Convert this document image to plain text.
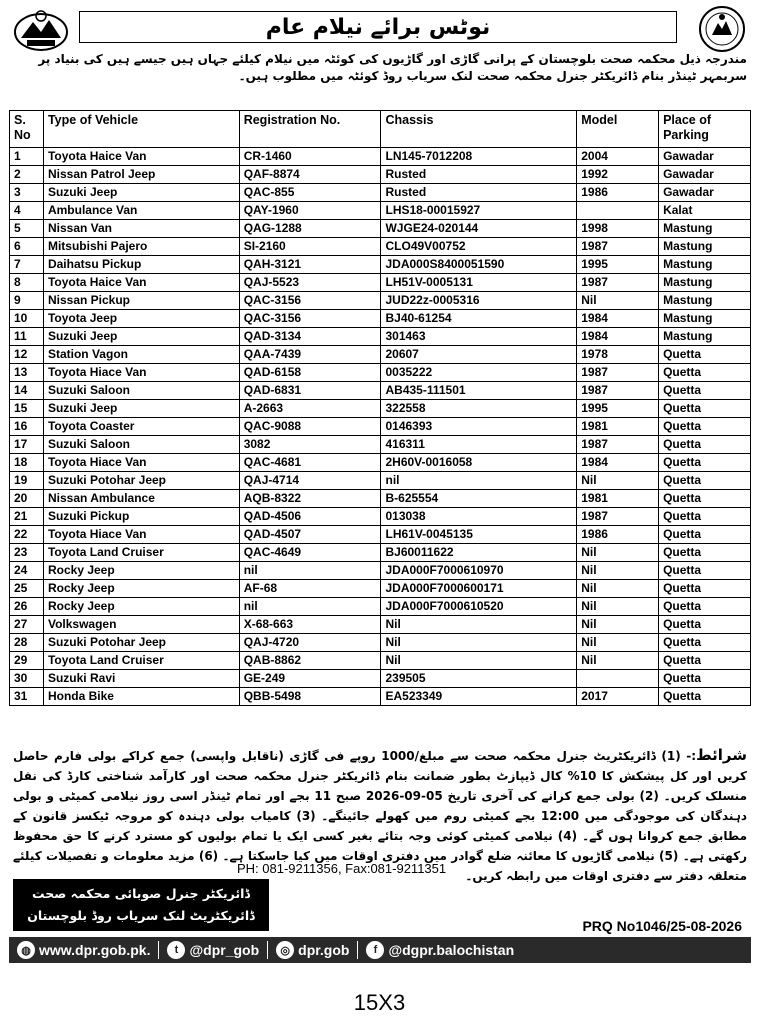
نوٹس برائے نیلام عام
مندرجہ ذیل محکمہ صحت بلوچستان کے پرانی گاڑی اور گاڑیوں کی کوئٹہ میں نیلام کیلئے جہاں ہیں جیسے ہیں کی بنیاد پر سربمہر ٹینڈر بنام ڈائریکٹر جنرل محکمہ صحت لنک سریاب روڈ کوئٹہ میں مطلوب ہیں۔
S. No	Type of Vehicle	Registration No.	Chassis	Model	Place of Parking
1	Toyota Haice Van	CR-1460	LN145-7012208	2004	Gawadar
2	Nissan Patrol Jeep	QAF-8874	Rusted	1992	Gawadar
3	Suzuki Jeep	QAC-855	Rusted	1986	Gawadar
4	Ambulance Van	QAY-1960	LHS18-00015927		Kalat
5	Nissan Van	QAG-1288	WJGE24-020144	1998	Mastung
6	Mitsubishi Pajero	SI-2160	CLO49V00752	1987	Mastung
7	Daihatsu Pickup	QAH-3121	JDA000S8400051590	1995	Mastung
8	Toyota Haice Van	QAJ-5523	LH51V-0005131	1987	Mastung
9	Nissan Pickup	QAC-3156	JUD22z-0005316	Nil	Mastung
10	Toyota Jeep	QAC-3156	BJ40-61254	1984	Mastung
11	Suzuki Jeep	QAD-3134	301463	1984	Mastung
12	Station Vagon	QAA-7439	20607	1978	Quetta
13	Toyota Hiace Van	QAD-6158	0035222	1987	Quetta
14	Suzuki Saloon	QAD-6831	AB435-111501	1987	Quetta
15	Suzuki Jeep	A-2663	322558	1995	Quetta
16	Toyota Coaster	QAC-9088	0146393	1981	Quetta
17	Suzuki Saloon	3082	416311	1987	Quetta
18	Toyota Hiace Van	QAC-4681	2H60V-0016058	1984	Quetta
19	Suzuki Potohar Jeep	QAJ-4714	nil	Nil	Quetta
20	Nissan Ambulance	AQB-8322	B-625554	1981	Quetta
21	Suzuki Pickup	QAD-4506	013038	1987	Quetta
22	Toyota Hiace Van	QAD-4507	LH61V-0045135	1986	Quetta
23	Toyota Land Cruiser	QAC-4649	BJ60011622	Nil	Quetta
24	Rocky Jeep	nil	JDA000F7000610970	Nil	Quetta
25	Rocky Jeep	AF-68	JDA000F7000600171	Nil	Quetta
26	Rocky Jeep	nil	JDA000F7000610520	Nil	Quetta
27	Volkswagen	X-68-663	Nil	Nil	Quetta
28	Suzuki Potohar Jeep	QAJ-4720	Nil	Nil	Quetta
29	Toyota Land Cruiser	QAB-8862	Nil	Nil	Quetta
30	Suzuki Ravi	GE-249	239505		Quetta
31	Honda Bike	QBB-5498	EA523349	2017	Quetta
شرائط:- (1) ڈائریکٹریٹ جنرل محکمہ صحت سے مبلغ/1000 روپے فی گاڑی (ناقابل واپسی) جمع کراکے بولی فارم حاصل کریں اور کل پیشکش کا 10% کال ڈیپازٹ بطور ضمانت بنام ڈائریکٹر جنرل محکمہ صحت اور کارآمد شناختی کارڈ کی نقل منسلک کریں۔ (2) بولی جمع کرانے کی آخری تاریخ 05-09-2026 صبح 11 بجے اور تمام ٹینڈر اسی روز نیلامی کمیٹی و بولی دہندگان کی موجودگی میں 12:00 بجے کمیٹی روم میں کھولے جائینگے۔ (3) کامیاب بولی دہندہ کو مروجہ ٹیکسز قانون کے مطابق جمع کروانا ہوں گے۔ (4) نیلامی کمیٹی کوئی وجہ بتائے بغیر کسی ایک یا تمام بولیوں کو مسترد کرنے کا حق محفوظ رکھتی ہے۔ (5) نیلامی گاڑیوں کا معائنہ ضلع گوادر میں دفتری اوقات میں کیا جاسکتا ہے۔ (6) مزید معلومات و تفصیلات کیلئے متعلقہ دفتر سے دفتری اوقات میں رابطہ کریں۔
PH: 081-9211356, Fax:081-9211351
ڈائریکٹر جنرل صوبائی محکمہ صحت
ڈائریکٹریٹ لنک سریاب روڈ بلوچستان
PRQ No1046/25-08-2026
◍ www.dpr.gob.pk.	t @dpr_gob	◎ dpr.gob	f @dgpr.balochistan
15X3
